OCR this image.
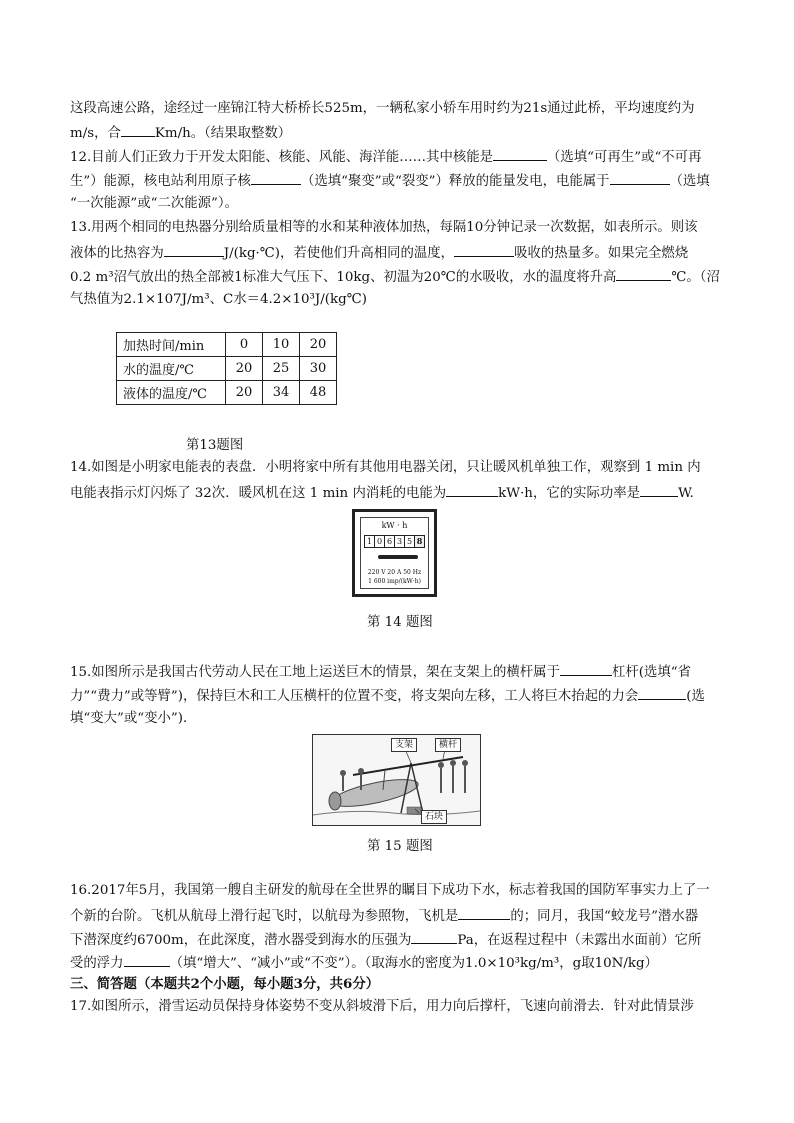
这段高速公路，途经过一座锦江特大桥桥长525m，一辆私家小轿车用时约为21s通过此桥，平均速度约为
m/s，合	Km/h。（结果取整数）
12.目前人们正致力于开发太阳能、核能、风能、海洋能……其中核能是	（选填“可再生”或“不可再
生”）能源，核电站利用原子核	（选填“聚变”或“裂变”）释放的能量发电，电能属于	（选填
“一次能源”或“二次能源”）。
13.用两个相同的电热器分别给质量相等的水和某种液体加热，每隔10分钟记录一次数据，如表所示。则该
液体的比热容为	J/(kg·℃)，若使他们升高相同的温度，	吸收的热量多。如果完全燃烧
0.2 m³沼气放出的热全部被1标准大气压下、10kg、初温为20℃的水吸收，水的温度将升高	℃。（沼
气热值为2.1×107J/m³、C水＝4.2×10³J/(kg℃)
加热时间/min	0	10	20
水的温度/℃	20	25	30
液体的温度/℃	20	34	48
第13题图
14.如图是小明家电能表的表盘．小明将家中所有其他用电器关闭，只让暖风机单独工作，观察到 1 min 内
电能表指示灯闪烁了 32次．暖风机在这 1 min 内消耗的电能为	kW·h，它的实际功率是	W.
kW · h
1 0 6 3 5 8
220 V 20 A 50 Hz
1 600 imp/(kW·h)
第 14 题图
15.如图所示是我国古代劳动人民在工地上运送巨木的情景，架在支架上的横杆属于	杠杆(选填“省
力”“费力”或等臂”)，保持巨木和工人压横杆的位置不变，将支架向左移，工人将巨木抬起的力会	(选
填“变大”或“变小”)．
支架	横杆
石块
第 15 题图
16.2017年5月，我国第一艘自主研发的航母在全世界的瞩目下成功下水，标志着我国的国防军事实力上了一
个新的台阶。飞机从航母上滑行起飞时，以航母为参照物，飞机是	的；同月，我国“蛟龙号”潜水器
下潜深度约6700m，在此深度，潜水器受到海水的压强为	Pa，在返程过程中（未露出水面前）它所
受的浮力	（填“增大”、“减小”或“不变”）。（取海水的密度为1.0×10³kg/m³，g取10N/kg）
三、简答题（本题共2个小题，每小题3分，共6分）
17.如图所示，滑雪运动员保持身体姿势不变从斜坡滑下后，用力向后撑杆，飞速向前滑去．针对此情景涉
